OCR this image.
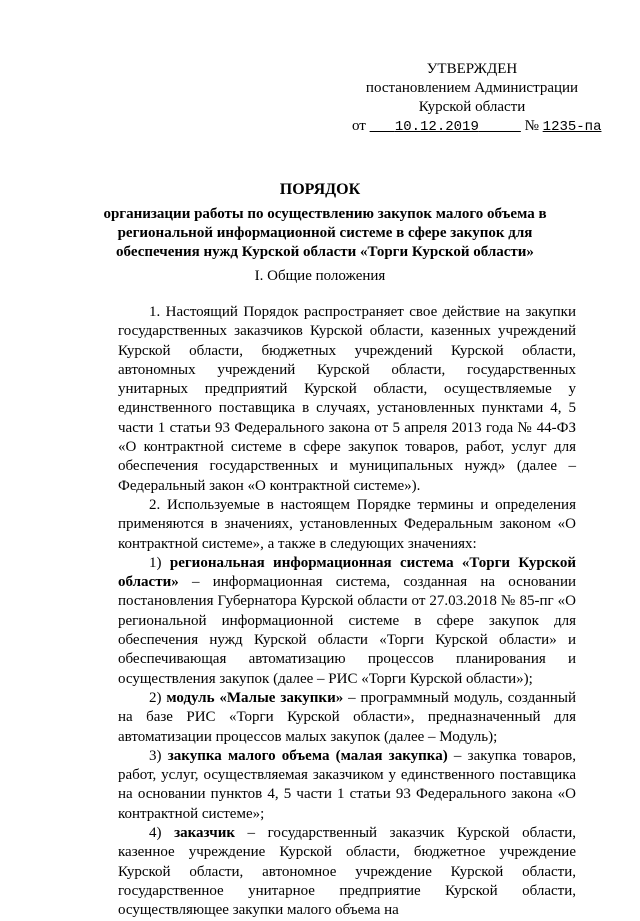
УТВЕРЖДЕН
постановлением Администрации
Курской области
от 10.12.2019	№ 1235-па
ПОРЯДОК
организации работы по осуществлению закупок малого объема в региональной информационной системе в сфере закупок для обеспечения нужд Курской области «Торги Курской области»
I. Общие положения

1. Настоящий Порядок распространяет свое действие на закупки государственных заказчиков Курской области, казенных учреждений Курской области, бюджетных учреждений Курской области, автономных учреждений Курской области, государственных унитарных предприятий Курской области, осуществляемые у единственного поставщика в случаях, установленных пунктами 4, 5 части 1 статьи 93 Федерального закона от 5 апреля 2013 года № 44-ФЗ «О контрактной системе в сфере закупок товаров, работ, услуг для обеспечения государственных и муниципальных нужд» (далее – Федеральный закон «О контрактной системе»).

2. Используемые в настоящем Порядке термины и определения применяются в значениях, установленных Федеральным законом «О контрактной системе», а также в следующих значениях:

1) региональная информационная система «Торги Курской области» – информационная система, созданная на основании постановления Губернатора Курской области от 27.03.2018 № 85-пг «О региональной информационной системе в сфере закупок для обеспечения нужд Курской области «Торги Курской области» и обеспечивающая автоматизацию процессов планирования и осуществления закупок (далее – РИС «Торги Курской области»);

2) модуль «Малые закупки» – программный модуль, созданный на базе РИС «Торги Курской области», предназначенный для автоматизации процессов малых закупок (далее – Модуль);

3) закупка малого объема (малая закупка) – закупка товаров, работ, услуг, осуществляемая заказчиком у единственного поставщика на основании пунктов 4, 5 части 1 статьи 93 Федерального закона «О контрактной системе»;

4) заказчик – государственный заказчик Курской области, казенное учреждение Курской области, бюджетное учреждение Курской области, автономное учреждение Курской области, государственное унитарное предприятие Курской области, осуществляющее закупки малого объема на
